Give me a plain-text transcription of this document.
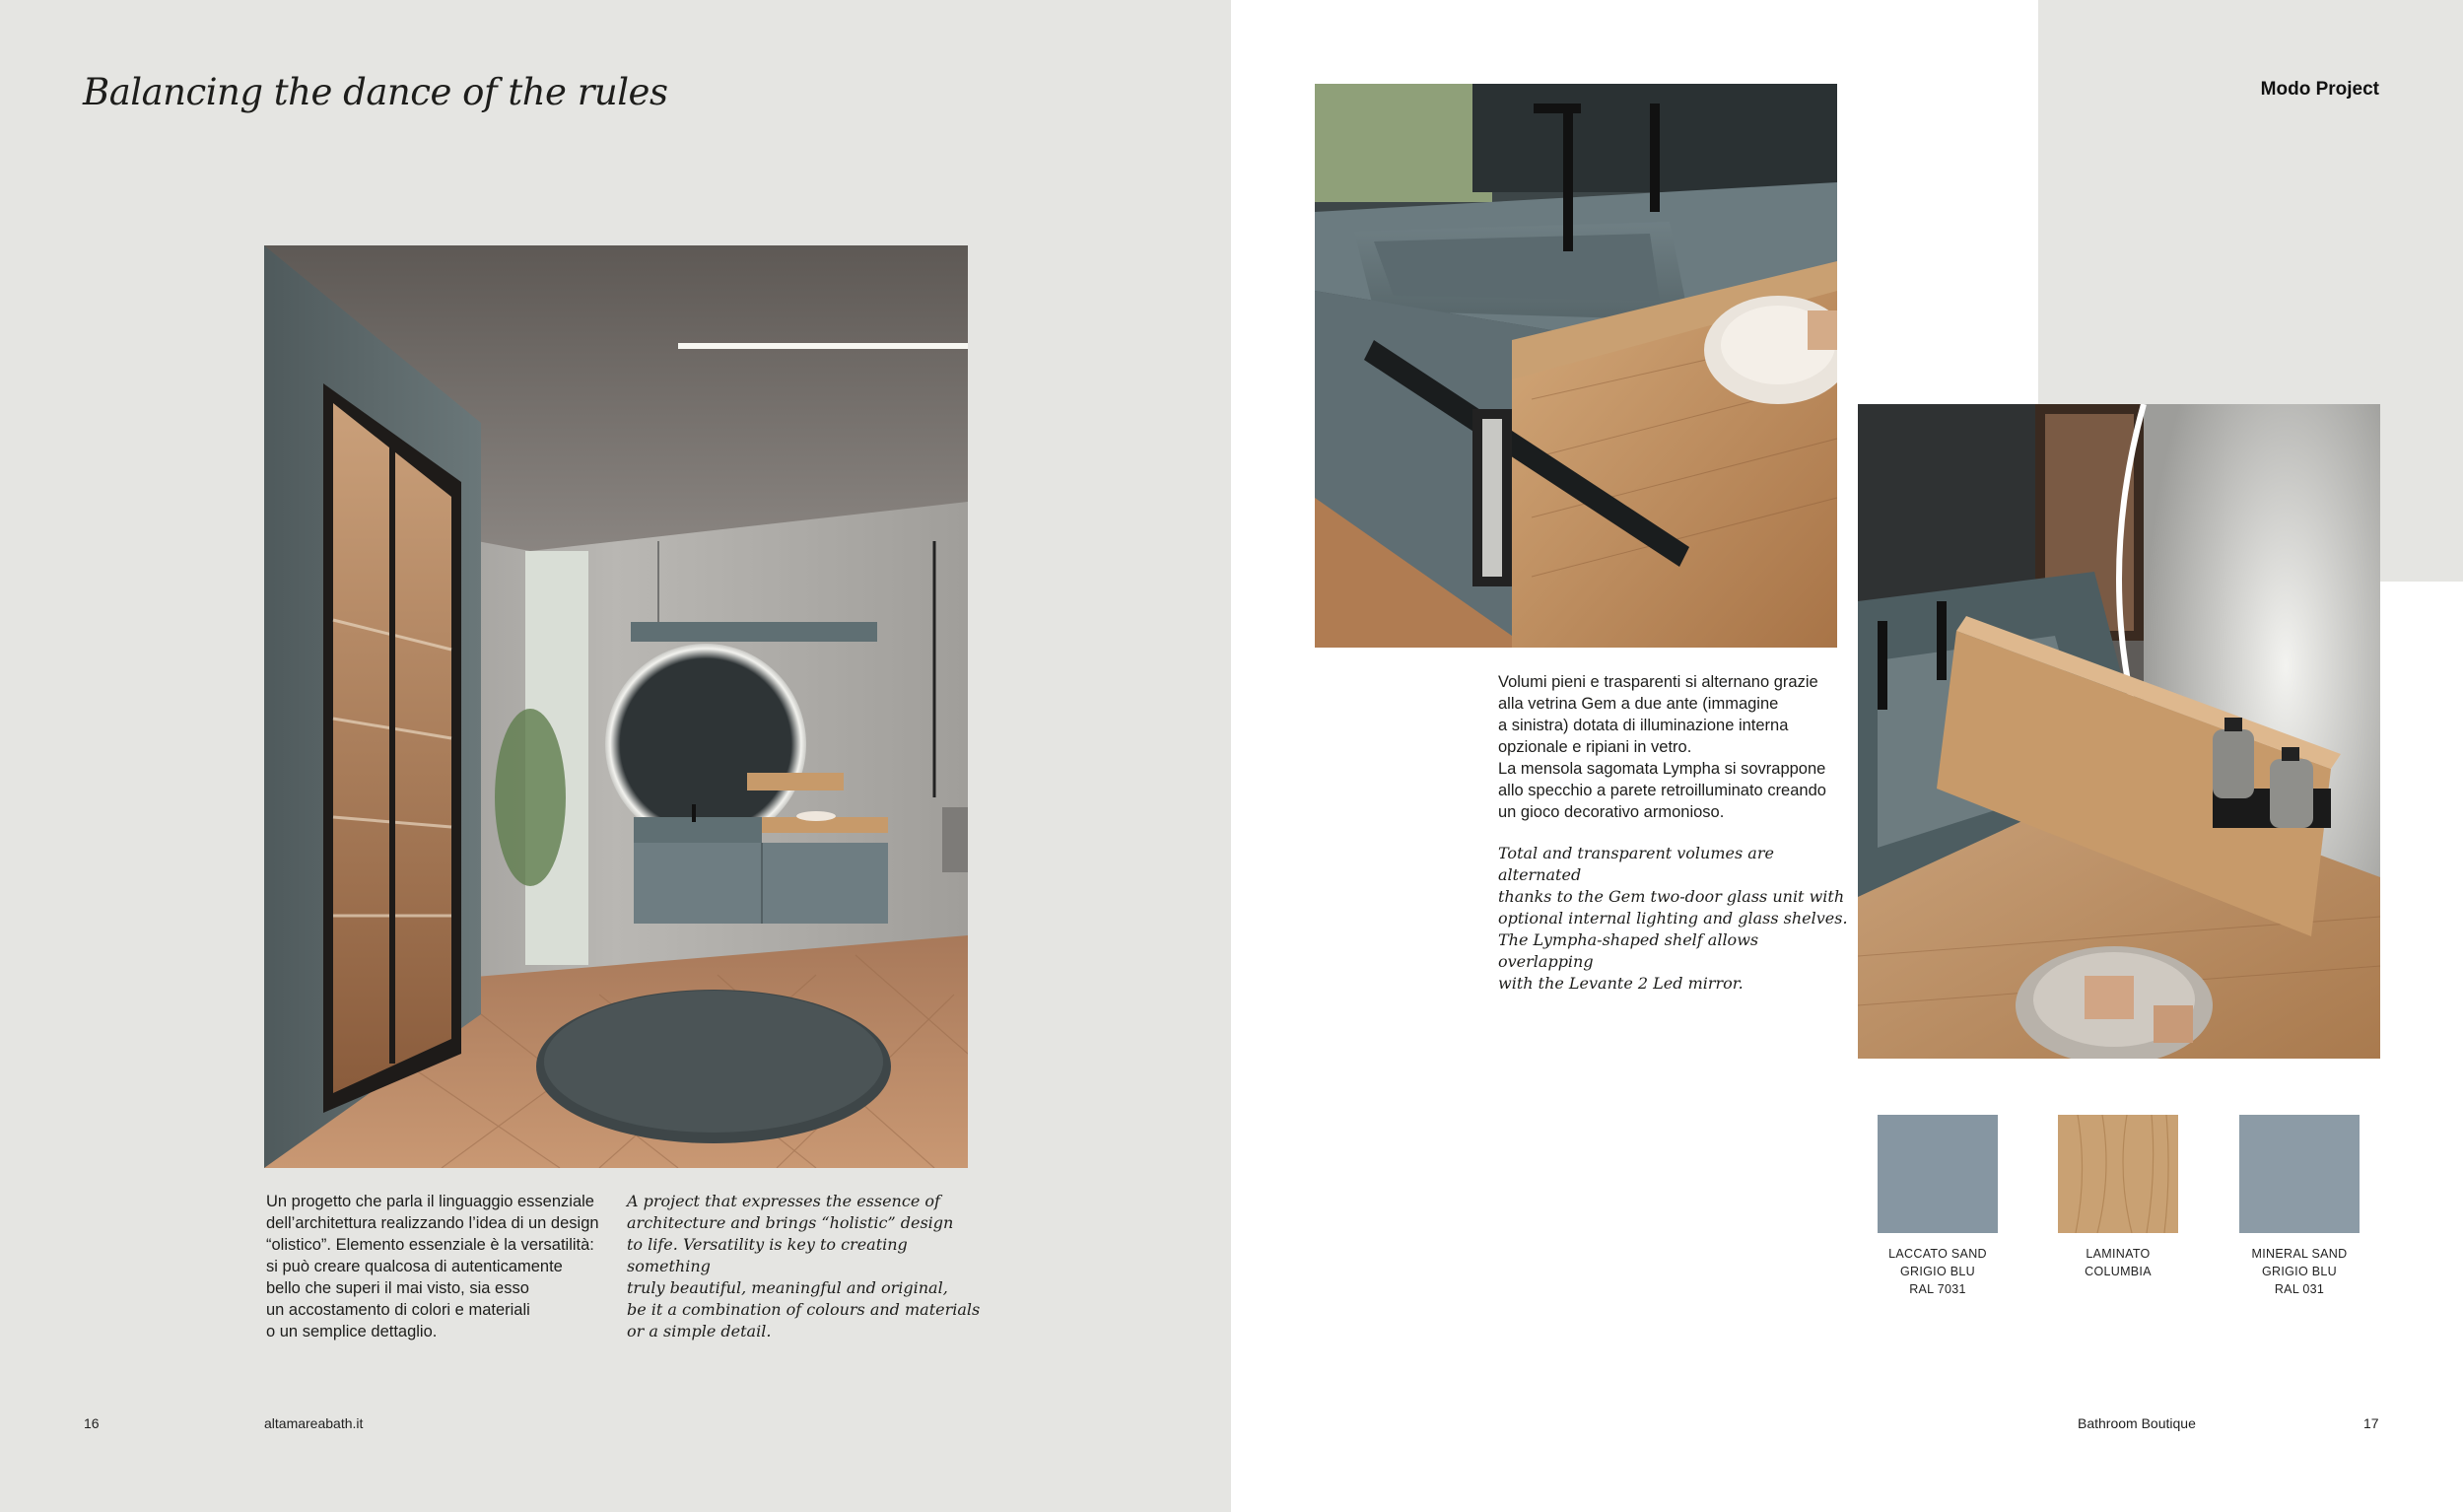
Balancing the dance of the rules
Un progetto che parla il linguaggio essenziale
dell’architettura realizzando l’idea di un design
“olistico”. Elemento essenziale è la versatilità:
si può creare qualcosa di autenticamente
bello che superi il mai visto, sia esso
un accostamento di colori e materiali
o un semplice dettaglio.
A project that expresses the essence of
architecture and brings “holistic” design
to life. Versatility is key to creating something
truly beautiful, meaningful and original,
be it a combination of colours and materials
or a simple detail.
16	altamareabath.it
Modo Project
Volumi pieni e trasparenti si alternano grazie
alla vetrina Gem a due ante (immagine
a sinistra) dotata di illuminazione interna
opzionale e ripiani in vetro.
La mensola sagomata Lympha si sovrappone
allo specchio a parete retroilluminato creando
un gioco decorativo armonioso.
Total and transparent volumes are alternated
thanks to the Gem two-door glass unit with
optional internal lighting and glass shelves.
The Lympha-shaped shelf allows overlapping
with the Levante 2 Led mirror.
LACCATO SAND
GRIGIO BLU
RAL 7031
LAMINATO
COLUMBIA
MINERAL SAND
GRIGIO BLU
RAL 031
Bathroom Boutique	17
